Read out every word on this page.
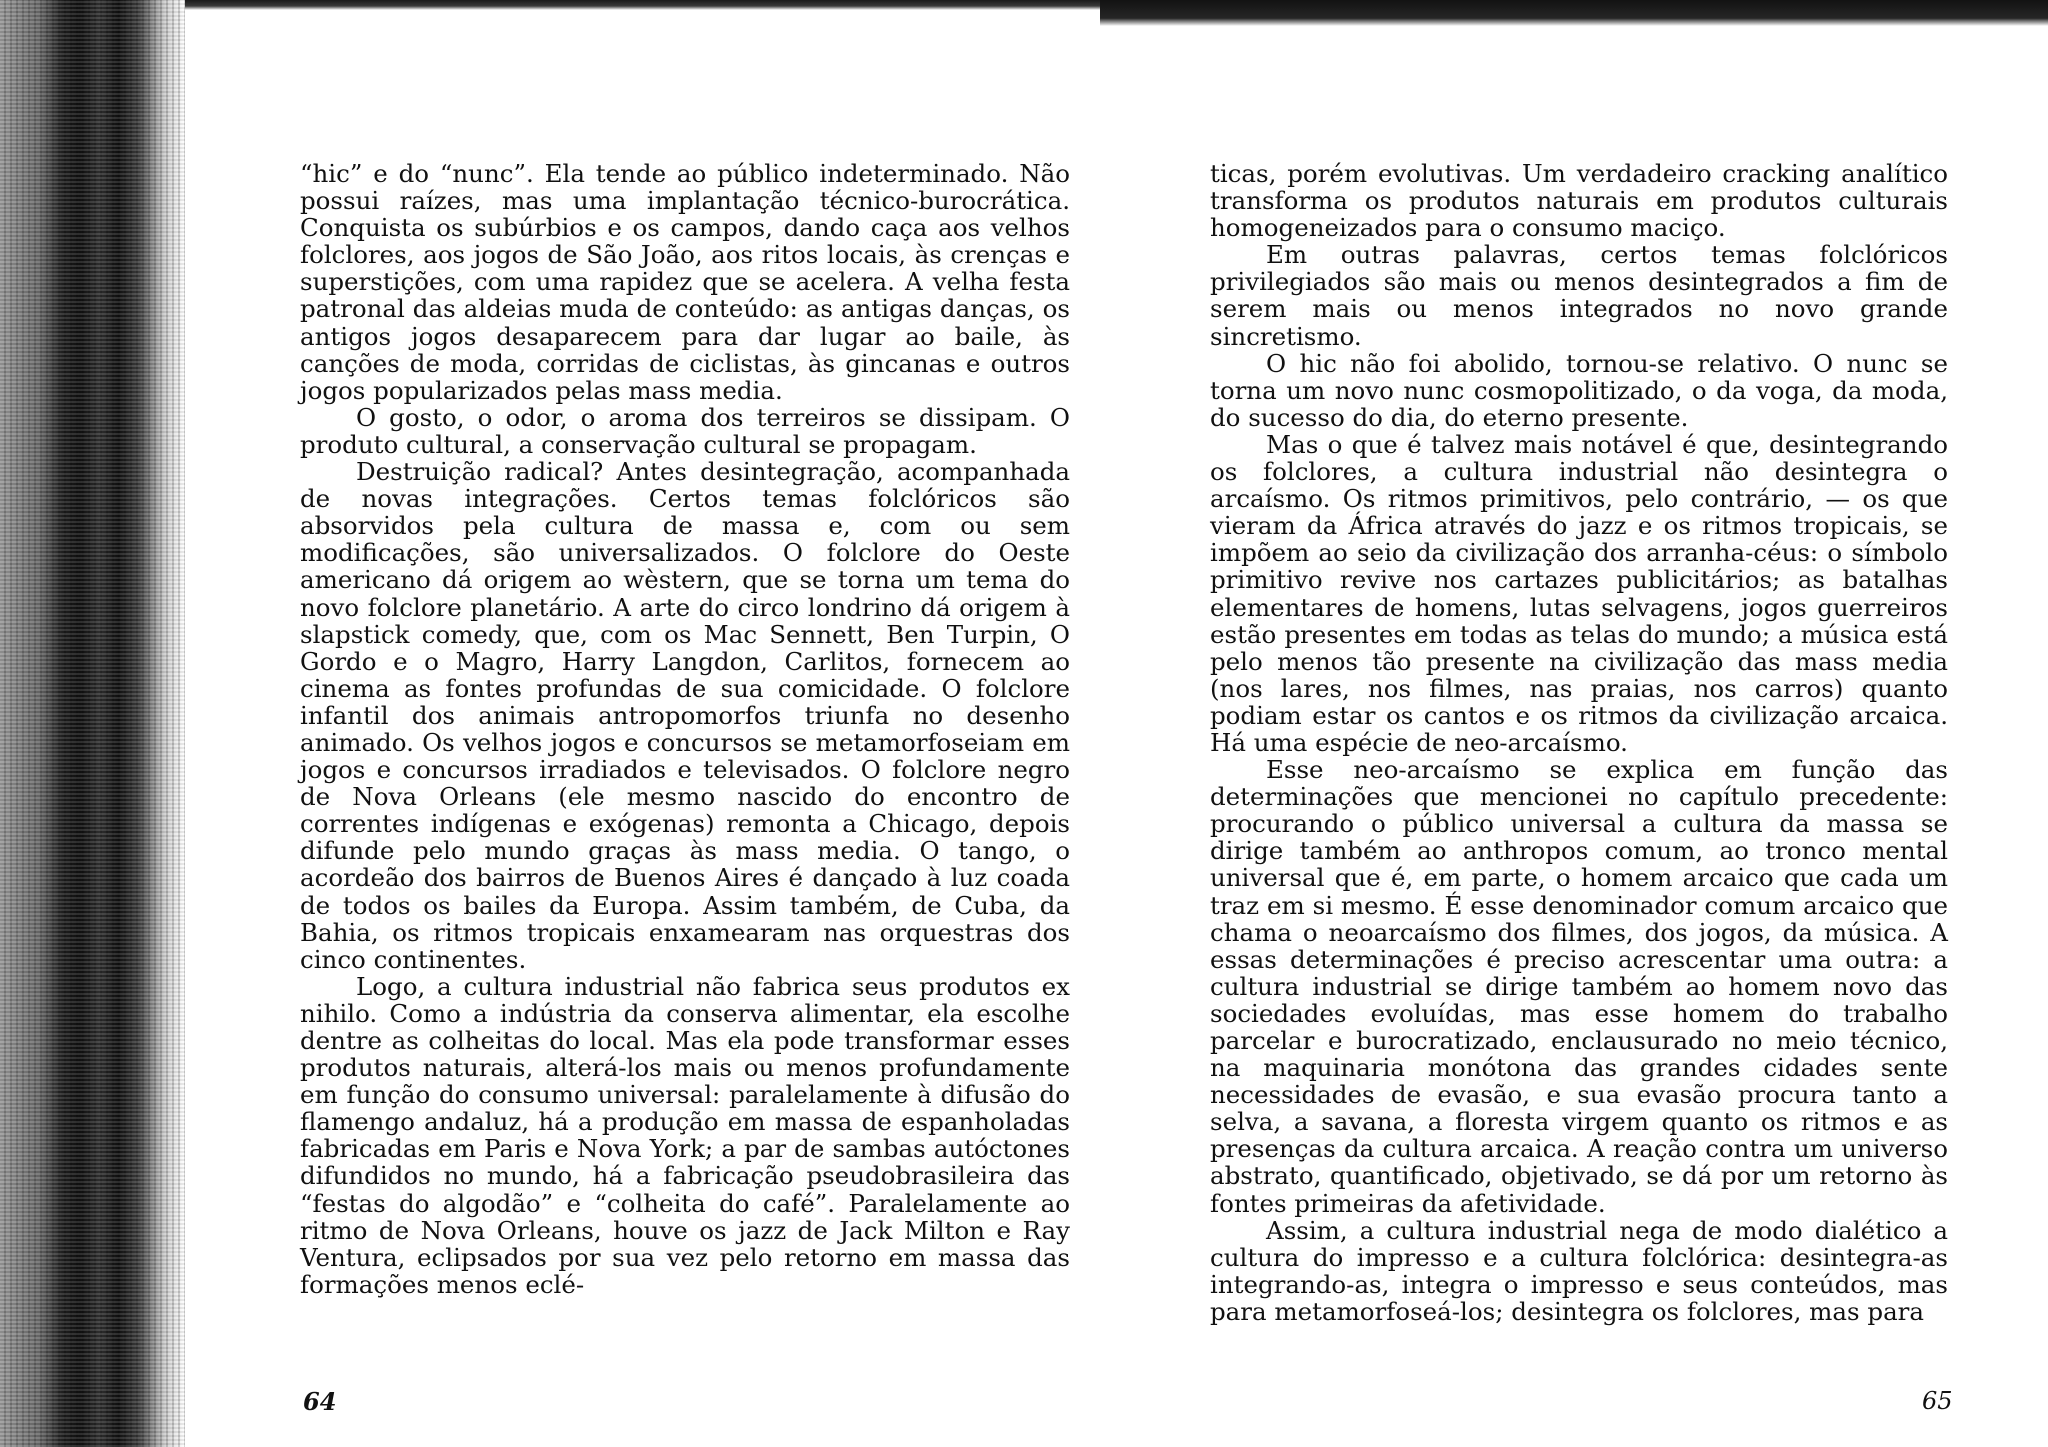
“hic” e do “nunc”. Ela tende ao público indeterminado. Não possui raízes, mas uma implantação técnico-burocrática. Conquista os subúrbios e os campos, dando caça aos velhos folclores, aos jogos de São João, aos ritos locais, às crenças e superstições, com uma rapidez que se acelera. A velha festa patronal das aldeias muda de conteúdo: as antigas danças, os antigos jogos desaparecem para dar lugar ao baile, às canções de moda, corridas de ciclistas, às gincanas e outros jogos popularizados pelas mass media.

O gosto, o odor, o aroma dos terreiros se dissipam. O produto cultural, a conservação cultural se propagam.

Destruição radical? Antes desintegração, acompanhada de novas integrações. Certos temas folclóricos são absorvidos pela cultura de massa e, com ou sem modificações, são universalizados. O folclore do Oeste americano dá origem ao wèstern, que se torna um tema do novo folclore planetário. A arte do circo londrino dá origem à slapstick comedy, que, com os Mac Sennett, Ben Turpin, O Gordo e o Magro, Harry Langdon, Carlitos, fornecem ao cinema as fontes profundas de sua comicidade. O folclore infantil dos animais antropomorfos triunfa no desenho animado. Os velhos jogos e concursos se metamorfoseiam em jogos e concursos irradiados e televisados. O folclore negro de Nova Orleans (ele mesmo nascido do encontro de correntes indígenas e exógenas) remonta a Chicago, depois difunde pelo mundo graças às mass media. O tango, o acordeão dos bairros de Buenos Aires é dançado à luz coada de todos os bailes da Europa. Assim também, de Cuba, da Bahia, os ritmos tropicais enxamearam nas orquestras dos cinco continentes.

Logo, a cultura industrial não fabrica seus produtos ex nihilo. Como a indústria da conserva alimentar, ela escolhe dentre as colheitas do local. Mas ela pode transformar esses produtos naturais, alterá-los mais ou menos profundamente em função do consumo universal: paralelamente à difusão do flamengo andaluz, há a produção em massa de espanholadas fabricadas em Paris e Nova York; a par de sambas autóctones difundidos no mundo, há a fabricação pseudobrasileira das “festas do algodão” e “colheita do café”. Paralelamente ao ritmo de Nova Orleans, houve os jazz de Jack Milton e Ray Ventura, eclipsados por sua vez pelo retorno em massa das formações menos eclé-

64

ticas, porém evolutivas. Um verdadeiro cracking analítico transforma os produtos naturais em produtos culturais homogeneizados para o consumo maciço.

Em outras palavras, certos temas folclóricos privilegiados são mais ou menos desintegrados a fim de serem mais ou menos integrados no novo grande sincretismo.

O hic não foi abolido, tornou-se relativo. O nunc se torna um novo nunc cosmopolitizado, o da voga, da moda, do sucesso do dia, do eterno presente.

Mas o que é talvez mais notável é que, desintegrando os folclores, a cultura industrial não desintegra o arcaísmo. Os ritmos primitivos, pelo contrário, — os que vieram da África através do jazz e os ritmos tropicais, se impõem ao seio da civilização dos arranha-céus: o símbolo primitivo revive nos cartazes publicitários; as batalhas elementares de homens, lutas selvagens, jogos guerreiros estão presentes em todas as telas do mundo; a música está pelo menos tão presente na civilização das mass media (nos lares, nos filmes, nas praias, nos carros) quanto podiam estar os cantos e os ritmos da civilização arcaica. Há uma espécie de neo-arcaísmo.

Esse neo-arcaísmo se explica em função das determinações que mencionei no capítulo precedente: procurando o público universal a cultura da massa se dirige também ao anthropos comum, ao tronco mental universal que é, em parte, o homem arcaico que cada um traz em si mesmo. É esse denominador comum arcaico que chama o neoarcaísmo dos filmes, dos jogos, da música. A essas determinações é preciso acrescentar uma outra: a cultura industrial se dirige também ao homem novo das sociedades evoluídas, mas esse homem do trabalho parcelar e burocratizado, enclausurado no meio técnico, na maquinaria monótona das grandes cidades sente necessidades de evasão, e sua evasão procura tanto a selva, a savana, a floresta virgem quanto os ritmos e as presenças da cultura arcaica. A reação contra um universo abstrato, quantificado, objetivado, se dá por um retorno às fontes primeiras da afetividade.

Assim, a cultura industrial nega de modo dialético a cultura do impresso e a cultura folclórica: desintegra-as integrando-as, integra o impresso e seus conteúdos, mas para metamorfoseá-los; desintegra os folclores, mas para

65
